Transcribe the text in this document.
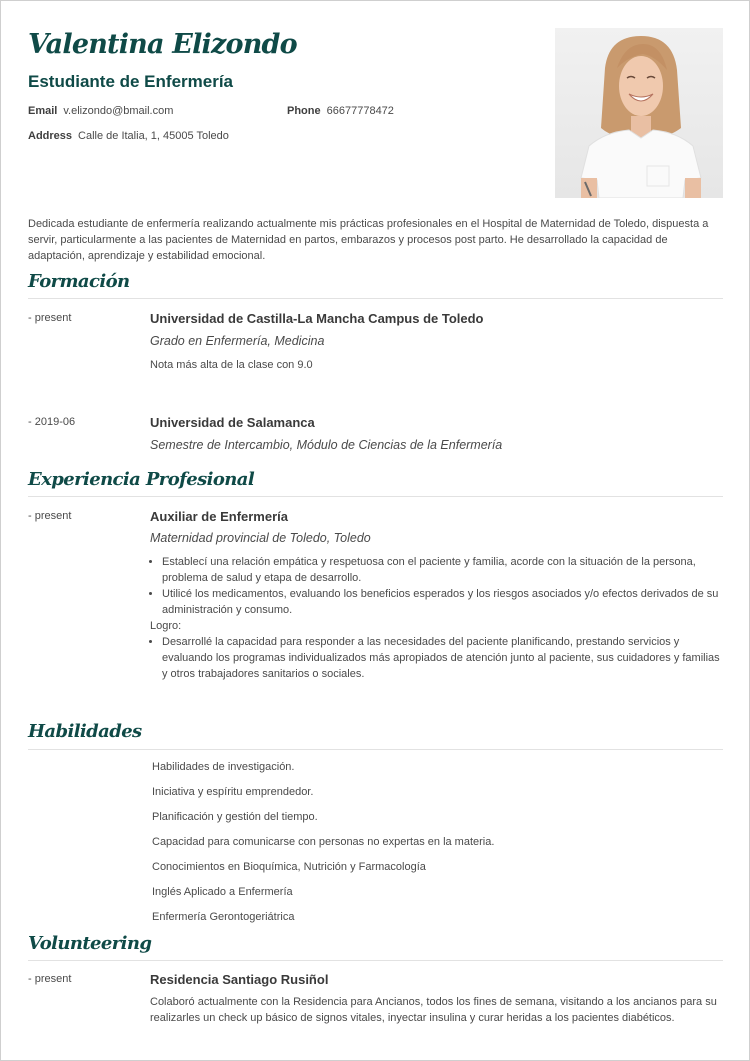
Valentina Elizondo
Estudiante de Enfermería
Email v.elizondo@bmail.com	Phone 66677778472
Address Calle de Italia, 1, 45005 Toledo
Dedicada estudiante de enfermería realizando actualmente mis prácticas profesionales en el Hospital de Maternidad de Toledo, dispuesta a servir, particularmente a las pacientes de Maternidad en partos, embarazos y procesos post parto. He desarrollado la capacidad de adaptación, aprendizaje y estabilidad emocional.
Formación
- present	Universidad de Castilla-La Mancha Campus de Toledo
Grado en Enfermería, Medicina
Nota más alta de la clase con 9.0
- 2019-06	Universidad de Salamanca
Semestre de Intercambio, Módulo de Ciencias de la Enfermería
Experiencia Profesional
- present	Auxiliar de Enfermería
Maternidad provincial de Toledo, Toledo
• Establecí una relación empática y respetuosa con el paciente y familia, acorde con la situación de la persona, problema de salud y etapa de desarrollo.
• Utilicé los medicamentos, evaluando los beneficios esperados y los riesgos asociados y/o efectos derivados de su administración y consumo.

Logro:

• Desarrollé la capacidad para responder a las necesidades del paciente planificando, prestando servicios y evaluando los programas individualizados más apropiados de atención junto al paciente, sus cuidadores y familias y otros trabajadores sanitarios o sociales.
Habilidades
Habilidades de investigación.
Iniciativa y espíritu emprendedor.
Planificación y gestión del tiempo.
Capacidad para comunicarse con personas no expertas en la materia.
Conocimientos en Bioquímica, Nutrición y Farmacología
Inglés Aplicado a Enfermería
Enfermería Gerontogeriátrica
Volunteering
- present	Residencia Santiago Rusiñol
Colaboró actualmente con la Residencia para Ancianos, todos los fines de semana, visitando a los ancianos para su realizarles un check up básico de signos vitales, inyectar insulina y curar heridas a los pacientes diabéticos.
